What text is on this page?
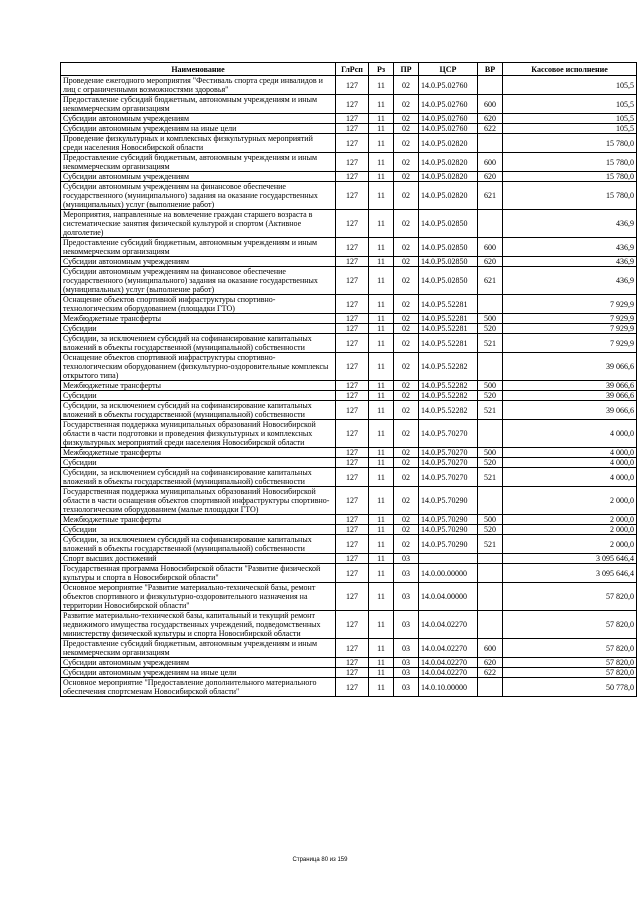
Наименование	ГлРсп	Рз	ПР	ЦСР	ВР	Кассовое исполнение
Проведение ежегодного мероприятия "Фестиваль спорта среди инвалидов и лиц с ограниченными возможностями здоровья"	127	11	02	14.0.P5.02760		105,5
Предоставление субсидий бюджетным, автономным учреждениям и иным некоммерческим организациям	127	11	02	14.0.P5.02760	600	105,5
Субсидии автономным учреждениям	127	11	02	14.0.P5.02760	620	105,5
Субсидии автономным учреждениям на иные цели	127	11	02	14.0.P5.02760	622	105,5
Проведение физкультурных и комплексных физкультурных мероприятий среди населения Новосибирской области	127	11	02	14.0.P5.02820		15 780,0
Предоставление субсидий бюджетным, автономным учреждениям и иным некоммерческим организациям	127	11	02	14.0.P5.02820	600	15 780,0
Субсидии автономным учреждениям	127	11	02	14.0.P5.02820	620	15 780,0
Субсидии автономным учреждениям на финансовое обеспечение государственного (муниципального) задания на оказание государственных (муниципальных) услуг (выполнение работ)	127	11	02	14.0.P5.02820	621	15 780,0
Мероприятия, направленные на вовлечение граждан старшего возраста в систематические занятия физической культурой и спортом (Активное долголетие)	127	11	02	14.0.P5.02850		436,9
Предоставление субсидий бюджетным, автономным учреждениям и иным некоммерческим организациям	127	11	02	14.0.P5.02850	600	436,9
Субсидии автономным учреждениям	127	11	02	14.0.P5.02850	620	436,9
Субсидии автономным учреждениям на финансовое обеспечение государственного (муниципального) задания на оказание государственных (муниципальных) услуг (выполнение работ)	127	11	02	14.0.P5.02850	621	436,9
Оснащение объектов спортивной инфраструктуры спортивно-технологическим оборудованием (площадки ГТО)	127	11	02	14.0.P5.52281		7 929,9
Межбюджетные трансферты	127	11	02	14.0.P5.52281	500	7 929,9
Субсидии	127	11	02	14.0.P5.52281	520	7 929,9
Субсидии, за исключением субсидий на софинансирование капитальных вложений в объекты государственной (муниципальной) собственности	127	11	02	14.0.P5.52281	521	7 929,9
Оснащение объектов спортивной инфраструктуры спортивно-технологическим оборудованием (физкультурно-оздоровительные комплексы открытого типа)	127	11	02	14.0.P5.52282		39 066,6
Межбюджетные трансферты	127	11	02	14.0.P5.52282	500	39 066,6
Субсидии	127	11	02	14.0.P5.52282	520	39 066,6
Субсидии, за исключением субсидий на софинансирование капитальных вложений в объекты государственной (муниципальной) собственности	127	11	02	14.0.P5.52282	521	39 066,6
Государственная поддержка муниципальных образований Новосибирской области в части подготовки и проведения физкультурных и комплексных физкультурных мероприятий среди населения Новосибирской области	127	11	02	14.0.P5.70270		4 000,0
Межбюджетные трансферты	127	11	02	14.0.P5.70270	500	4 000,0
Субсидии	127	11	02	14.0.P5.70270	520	4 000,0
Субсидии, за исключением субсидий на софинансирование капитальных вложений в объекты государственной (муниципальной) собственности	127	11	02	14.0.P5.70270	521	4 000,0
Государственная поддержка муниципальных образований Новосибирской области в части оснащения объектов спортивной инфраструктуры спортивно-технологическим оборудованием (малые площадки ГТО)	127	11	02	14.0.P5.70290		2 000,0
Межбюджетные трансферты	127	11	02	14.0.P5.70290	500	2 000,0
Субсидии	127	11	02	14.0.P5.70290	520	2 000,0
Субсидии, за исключением субсидий на софинансирование капитальных вложений в объекты государственной (муниципальной) собственности	127	11	02	14.0.P5.70290	521	2 000,0
Спорт высших достижений	127	11	03			3 095 646,4
Государственная программа Новосибирской области "Развитие физической культуры и спорта в Новосибирской области"	127	11	03	14.0.00.00000		3 095 646,4
Основное мероприятие "Развитие материально-технической базы, ремонт объектов спортивного и физкультурно-оздоровительного назначения на территории Новосибирской области"	127	11	03	14.0.04.00000		57 820,0
Развитие материально-технической базы, капитальный и текущий ремонт недвижимого имущества государственных учреждений, подведомственных министерству физической культуры и спорта Новосибирской области	127	11	03	14.0.04.02270		57 820,0
Предоставление субсидий бюджетным, автономным учреждениям и иным некоммерческим организациям	127	11	03	14.0.04.02270	600	57 820,0
Субсидии автономным учреждениям	127	11	03	14.0.04.02270	620	57 820,0
Субсидии автономным учреждениям на иные цели	127	11	03	14.0.04.02270	622	57 820,0
Основное мероприятие "Предоставление дополнительного материального обеспечения спортсменам Новосибирской области"	127	11	03	14.0.10.00000		50 778,0
Страница 80 из 159
